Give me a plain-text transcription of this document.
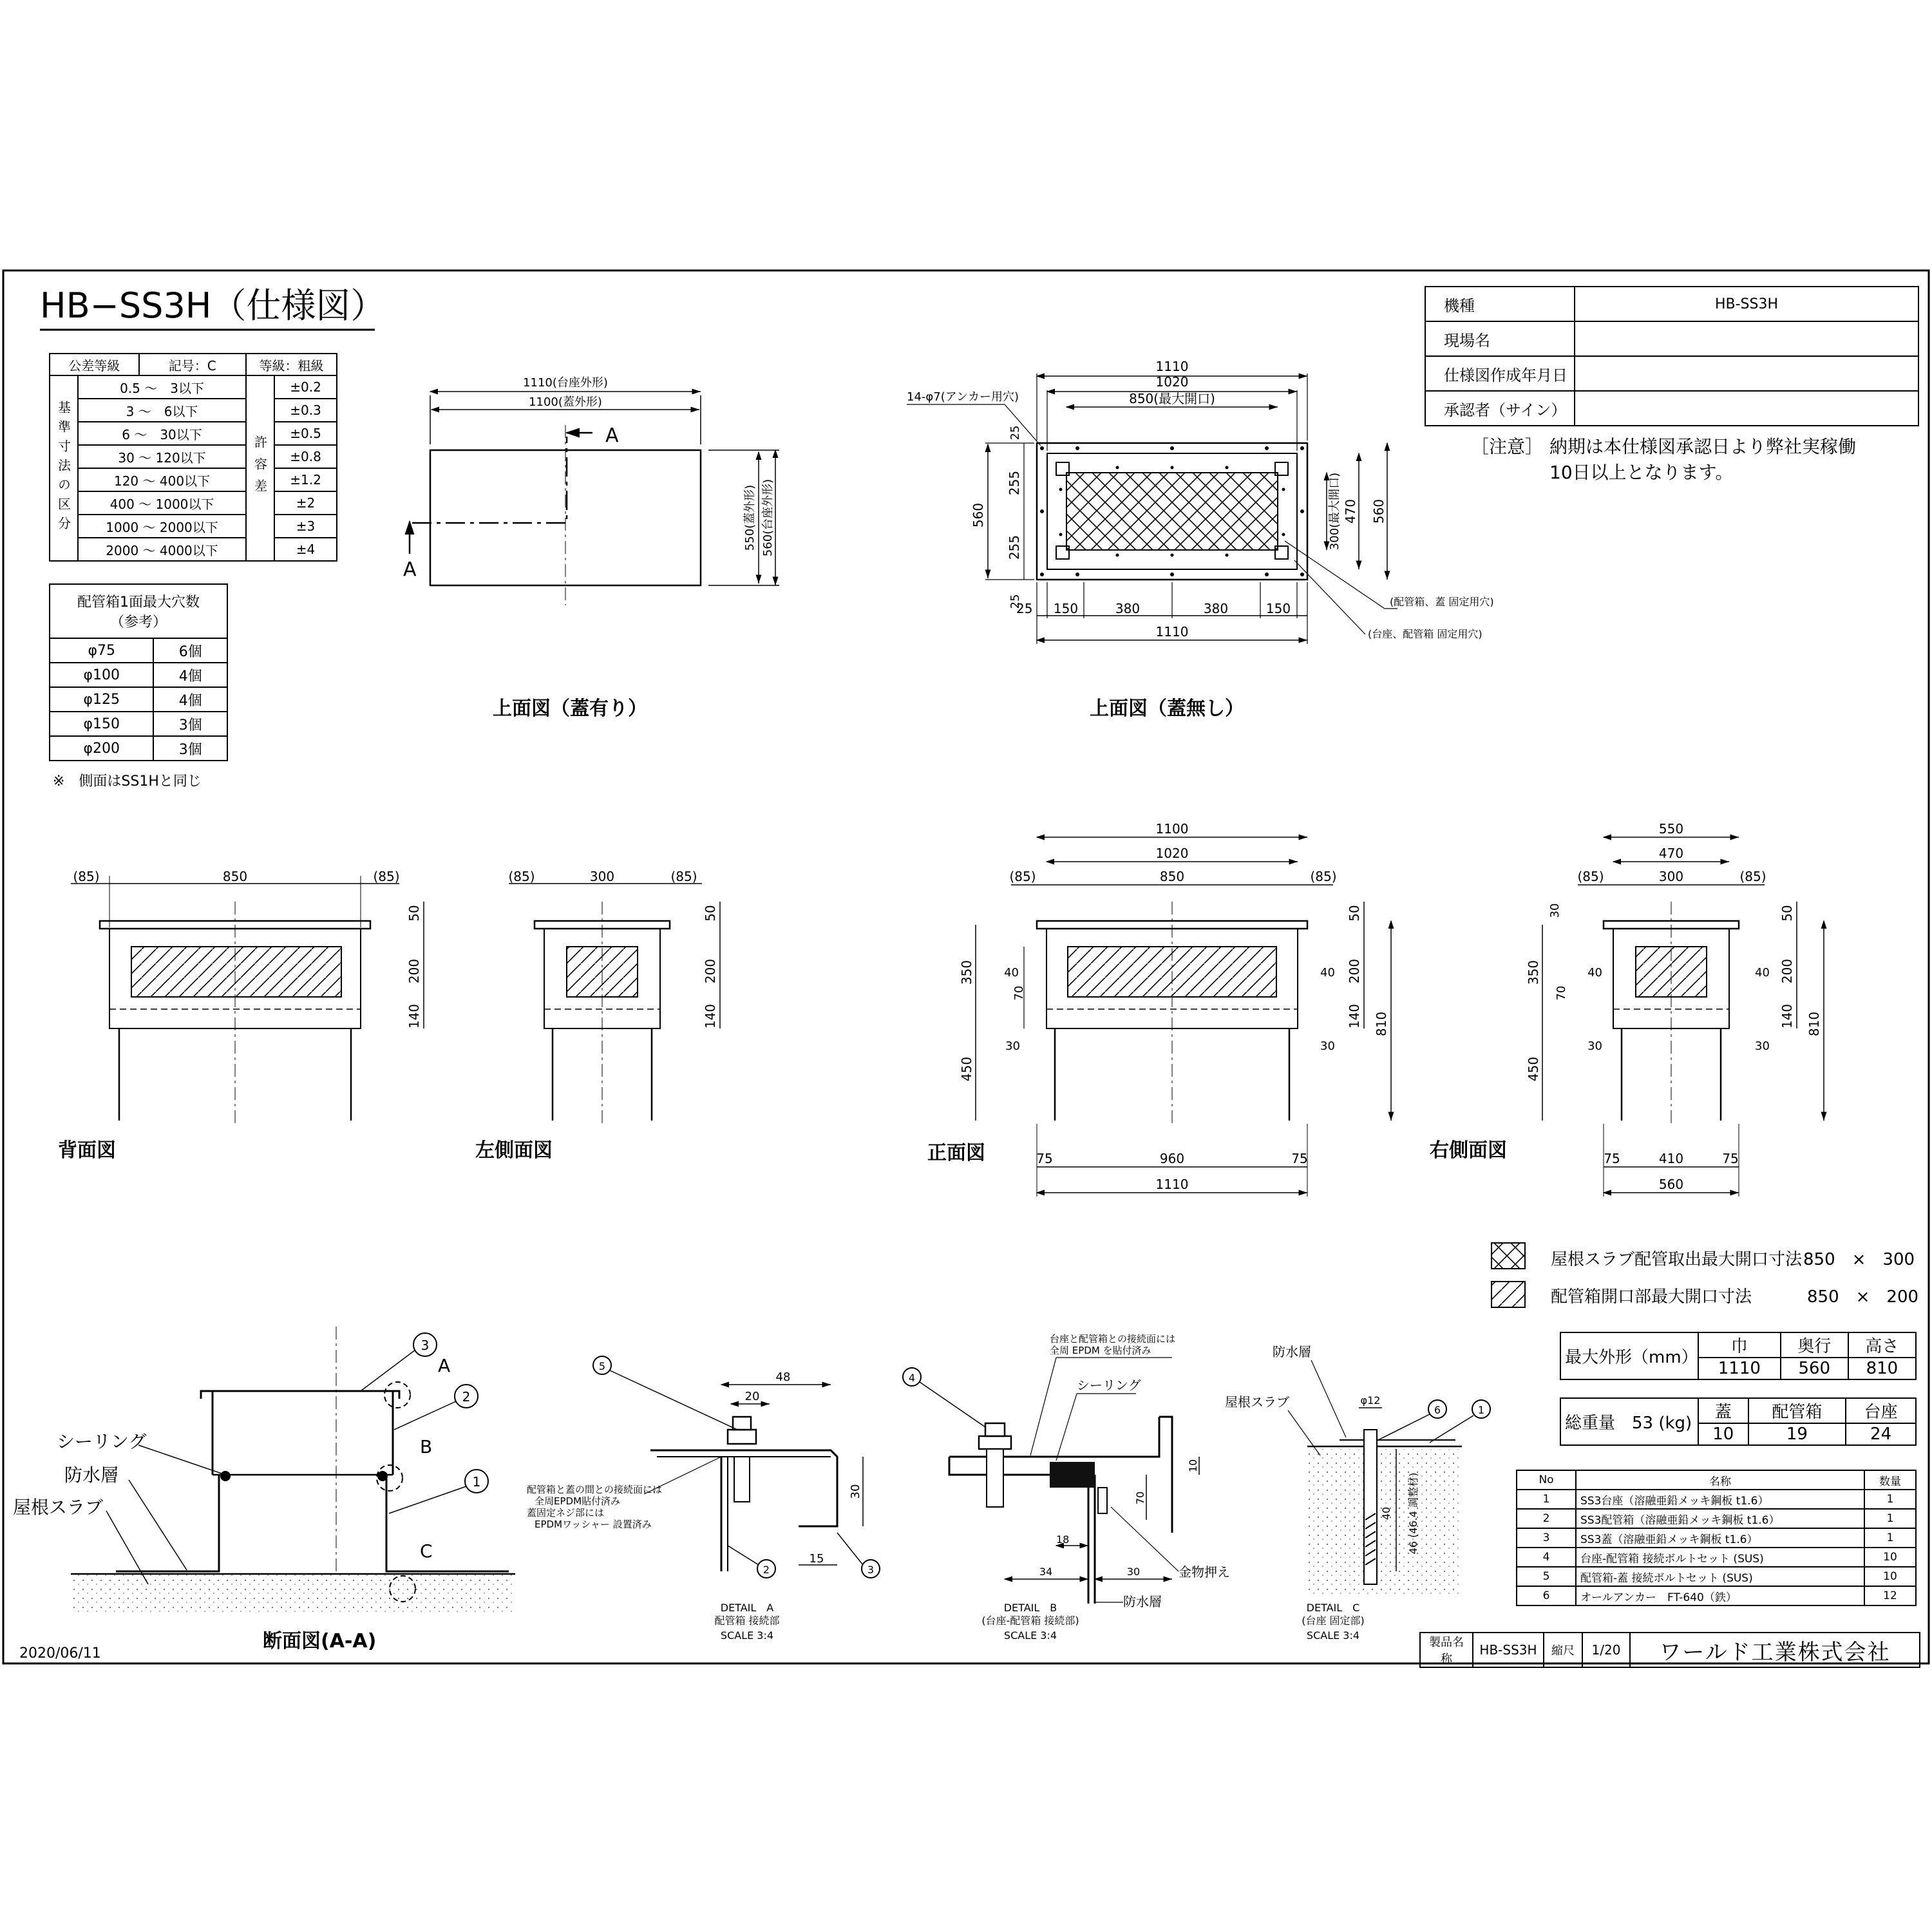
HB−SS3H（仕様図）
1110(台座外形)
1100(蓋外形)
550(蓋外形) 560(台座外形)
A
A
上面図（蓋有り）
1110
1020
850(最大開口)
14-φ7(アンカー用穴)
560
25
255
255
25
300(最大開口) 470 560
25 150	380	380	150
1110
(配管箱、蓋 固定用穴)
(台座、配管箱 固定用穴)
上面図（蓋無し）
(85)	850	(85)
50
200
140
背面図
(85)	300	(85)
50
200
140
左側面図
1100
1020
(85)	850	(85)
350
450
40
70
30
40
30
50
200
140 810
75	960	75
1110
正面図
550
470
(85)	300	(85)
30
350
450
70
40
30
40
30
50
200
140 810
75	410	75
560
右側面図
屋根スラブ配管取出最大開口寸法 850　×　300
配管箱開口部最大開口寸法	850　×　200
シーリング
防水層
屋根スラブ
3
2
1
A
B
C
断面図(A-A)
2020/06/11
48
20
30
15
5
2	3
配管箱と蓋の間との接続面には
全周EPDM貼付済み
蓋固定ネジ部には
EPDMワッシャー 設置済み
DETAIL　A
配管箱 接続部
SCALE 3:4
台座と配管箱との接続面には
全周 EPDM を貼付済み
シーリング
金物押え
防水層
10
70
18
34	30
4
DETAIL　B
(台座-配管箱 接続部)
SCALE 3:4
φ12
40 46 (46.4 調整材)
防水層
屋根スラブ
6	1
DETAIL　C
(台座 固定部)
SCALE 3:4
公差等級		記号：C	等級：粗級	
基準寸法の区分	0.5 〜　3以下		許容差	±0.2
	3 〜　6以下			±0.3
	6 〜　30以下			±0.5
	30 〜 120以下			±0.8
	120 〜 400以下			±1.2
	400 〜 1000以下			±2
	1000 〜 2000以下			±3
	2000 〜 4000以下			±4
配管箱1面最大穴数
（参考）	

φ75	6個
φ100	4個
φ125	4個
φ150	3個
φ200	3個
※　側面はSS1Hと同じ
機種	HB-SS3H
現場名	
仕様図作成年月日	
承認者（サイン）	
［注意］ 納期は本仕様図承認日より弊社実稼働
10日以上となります。
最大外形（mm）	巾	奥行	高さ
	1110	560	810
総重量　53 (kg)	蓋	配管箱	台座
	10	19	24
No	名称	数量
1	SS3台座（溶融亜鉛メッキ鋼板 t1.6）	1
2	SS3配管箱（溶融亜鉛メッキ鋼板 t1.6）	1
3	SS3蓋（溶融亜鉛メッキ鋼板 t1.6）	1
4	台座-配管箱 接続ボルトセット (SUS)	10
5	配管箱-蓋 接続ボルトセット (SUS)	10
6	オールアンカー　FT-640（鉄）	12
製品名称	HB-SS3H	縮尺	1/20	ワールド工業株式会社
